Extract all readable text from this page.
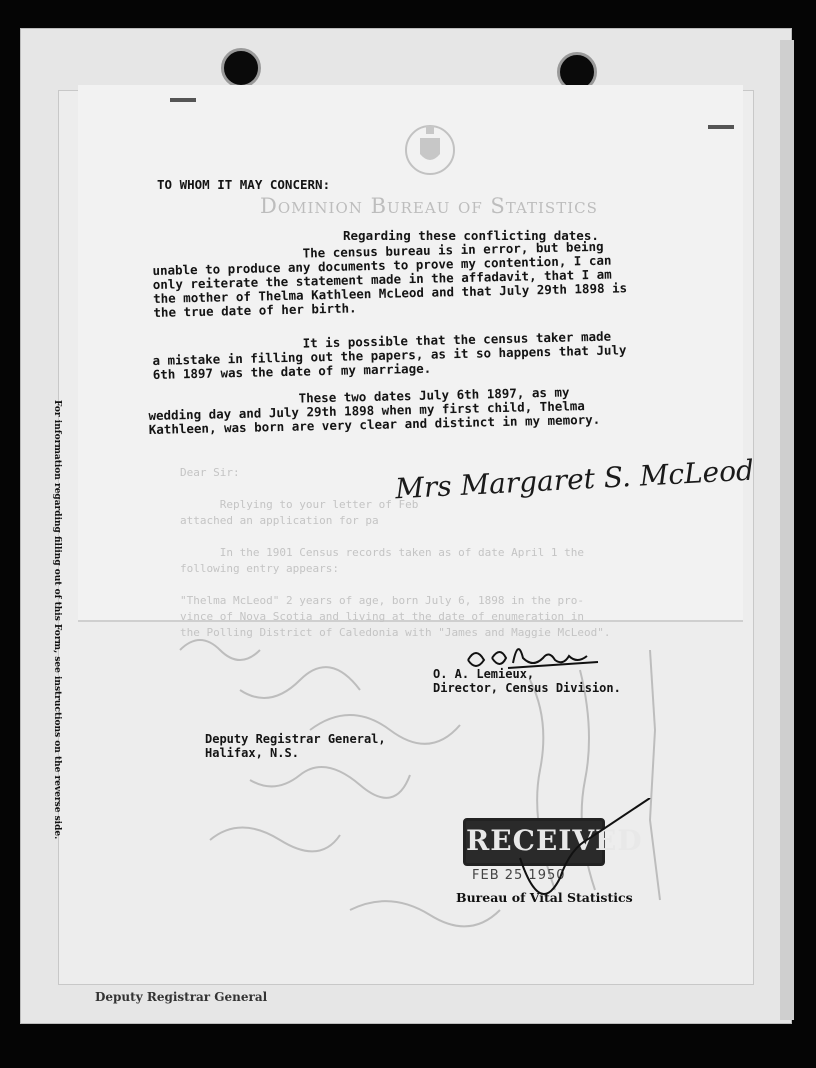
Dominion Bureau of Statistics
For information regarding filling out of this Form, see instructions on the reverse side.	Dear Sir:

Replying to your letter of Feb
attached an application for pa

In the 1901 Census records taken as of date April 1 the
following entry appears:

"Thelma McLeod" 2 years of age, born July 6, 1898 in the pro-
vince of Nova Scotia and living at the date of enumeration in
the Polling District of Caledonia with "James and Maggie McLeod".
TO WHOM IT MAY CONCERN:
Regarding these conflicting dates.
The census bureau is in error, but being
unable to produce any documents to prove my contention, I can
only reiterate the statement made in the affadavit, that I am
the mother of Thelma Kathleen McLeod and that July 29th 1898 is
the true date of her birth.
It is possible that the census taker made
a mistake in filling out the papers, as it so happens that July
6th 1897 was the date of my marriage.
These two dates July 6th 1897, as my
wedding day and July 29th 1898 when my first child, Thelma
Kathleen, was born are very clear and distinct in my memory.
Mrs Margaret S. McLeod
O. A. Lemieux,
Director, Census Division.
Deputy Registrar General,
Halifax, N.S.
RECEIVED
FEB 25 1950
Bureau of Vital Statistics
Deputy Registrar General
